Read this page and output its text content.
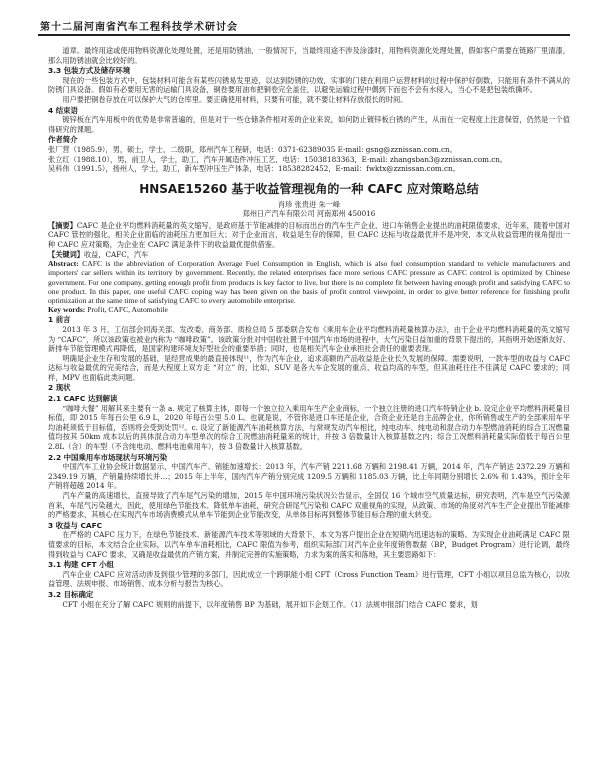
第十二届河南省汽车工程科技学术研讨会

道章。最终用途或使用物料资源化处理处置，还是用防锈油，一般情况下，当最终用途不涉及涂漆时，用物料资源化处理处置，假如客户需要在链路厂里清漆，那么用防锈油就会比较好的。

3.3 包装方式及储存环境

现在的一些包装方式中，包装材料可能含有某些闪锈易发里迹，以达到防锈的功效，实事的门使在利用户运营材料的过程中保护好倒数，只能用有条件不满从的防锈门具设备。假如有必要用无害的运输门具设备，铜卷要用油布把铜卷完全盖住，以避免运输过程中偶到下而也不会有水侵入，当心不是把包装纸撕坏。

用户要把铜卷存放在可以保护大气的仓库里。要正确使用材料，只要有可能，就不要让材料存放很长的时间。

4 结束语

镀锌板在汽车用板中的优势是非常普遍的，但是对于一些仓储条件相对差的企业来说，如何防止镀锌板白锈的产生，从而在一定程度上注意保管，仍然是一个值得研究的课题。

作者简介

张厂营（1985.9），男，硕士，学士，二级职，郑州汽车工程研，电话：0371-62389035 E-mail: gsng@zznissan.com.cn。

张立红（1988.10），男，前卫人，学士，助工，汽车开属造件冲压工艺，电话：15038183363，E-mail: zhangsban3@zznissan.com.cn。

吴科伟（1991.5），扬州人，学士，助工，新车型冲压生产体条，电话：18538282452，E-mail：fwktx@zznissan.com.cn。

HNSAE15260 基于收益管理视角的一种 CAFC 应对策略总结
肖珍 张贵进 朱一峰
郑州日产汽车有限公司 河南郑州 450016

【摘要】CAFC 是企业平均燃料消耗量的英文缩写，是政府基于节能减排的目标而出台的汽车生产企业、进口车销售企业提出的油耗限值要求，近年来，随着中国对 CAFC 管控的强化，相关企业面临的油耗压力更加巨大；对于企业而言，收益是生存的保障，但 CAFC 达标与收益最优并不是冲突，本文从收益管理的视角提出一种 CAFC 应对策略，为企业在 CAFC 满足条件下的收益最优提供借鉴。

【关键词】收益，CAFC，汽车

Abstract: CAFC is the abbreviation of Corporation Average Fuel Consumption in English, which is also fuel consumption standard to vehicle manufacturers and importers' car sellers within its territory by government. Recently, the related enterprises face more serious CAFC pressure as CAFC control is optimized by Chinese government. For one company, getting enough profit from products is key factor to live, but there is no complete fit between having enough profit and satisfying CAFC to one product. In this paper, one useful CAFC coping way has been given on the basis of profit control viewpoint, in order to give better reference for finishing profit optimization at the same time of satisfying CAFC to every automobile enterprise.

Key words: Profit, CAFC, Automobile

1 前言

2013 年 3 月，工信部会同海关部、发改委、商务部、质检总局 5 部委联合发布《乘用车企业平均燃料消耗量核算办法》，由于企业平均燃料消耗量的英文缩写为 “CAFC”，所以该政策也被业内称为 “咖啡政策”。该政策分批对中国收社置于中国汽车市场的进程中，大气污染日益加重的背景下提出的，其指明开始逐渐友好、新排车节能管理模式再降低，是国家构建环境友好型社会的重要举措；同时，也是相关汽车企业承担社会责任的重要表现。

明确是企业生存和发展的基础，是经营成果的最直接体现¹¹，作为汽车企业，追求高额的产品收益是企业长久发展的保障。需要说明，一款车型的收益与 CAFC 达标与收益最优的完美结合，而是大程度上双方走 “对立” 的，比如，SUV 是各大车企发展的重点、收益均高的车型，但其油耗往往不佳满足 CAFC 要求的；同样，MPV 也面临此类问题。

2 现状
2.1 CAFC 达到解读

“咖啡大餐” 用解其来主要有一条 a. 规定了核算主体，即每一个独立拉入乘用车生产企业商标，一个独立注册的进口汽车特销企业 b. 设定企业平均燃料消耗量目标值，即 2015 年每百公里 6.9 L，2020 年每百公里 5.0 L。也就是说，不管你是进口车还是企业，合资企业还是自主品牌企业，你所销售或生产的全部乘用车平均油耗须低于目标值，否则将会受到处罚¹²。c. 设定了新能源汽车油耗核算方法，与常规发动汽车相比，纯电动车、纯电动和混合动力车型燃油消耗的综合工况燃量值均按其 50km 成本以后的具体混合动力车型单次的综合工况燃油消耗量来的统计，并按 3 倍数量计入核算基数之内；综合工况燃料消耗量实际值低于每百公里 2.8L（含）的车型（不含纯电动、燃料电池乘用车），按 3 倍数量计入核算基数。

2.2 中国乘用车市场现状与环境污染

中国汽车工业协会统计数据显示，中国汽车产、销能加速增长：2013 年，汽车产销 2211.68 万辆和 2198.41 万辆，2014 年，汽车产销达 2372.29 万辆和 2349.19 万辆，产销量持续增长并…；2015 年上半年，国内汽车产销分别完成 1209.5 万辆和 1185.03 万辆，比上年同期分别增长 2.6% 和 1.43%，预计全年产销将超越 2014 年。

汽车产量的高速增长，直接导致了汽车尾气污染的增加，2015 年中国环境污染状况公告显示，全国仅 16 个城市空气质量达标，研究表明，汽车是空气污染源首来，车尾气污染越大，因此，使用绿色节能技术、降低单车油耗，研究合研尾气污染和 CAFC 双重视角的实现，从政策、市场的角度对汽车生产企业提出节能减排的严格要求，其核心在实现汽车市场消费模式从单车节能到企业节能改变，从单体目标再到整体节能目标合理的重大转变。

3 收益与 CAFC

在严格的 CAFC 压力下，在绿色节能技术、新能源汽车技术等领域的大背景下，本文为客户提出企业在短期内迅速达标的策略。为实现企业油耗满足 CAFC 限值要求的目标，本文结合企业实际，以汽车单车油耗相比，CAFC 限值为参考，组织实际部门对汽车企业年度销售数据（BP，Budget Program）进行论调，最终得到收益与 CAFC 要求，又确是收益最优的产销方案，并制定完善的实施策略，力求为案的落实和落地，其主要思路如下：

3.1 构建 CFT 小组

汽车企业 CAFC 应对活动涉及到很少管理的多部门，因此成立一个跨职能小组 CFT（Cross Function Team）进行管理，CFT 小组以项目总监为核心，以收益管理、法规申报、市场销售、成本分析与报告为核心。

3.2 目标确定

CFT 小组在充分了解 CAFC 规则的前提下，以年度销售 BP 为基础，展开如下企划工作。（1）法规申报部门结合 CAFC 要求，划
